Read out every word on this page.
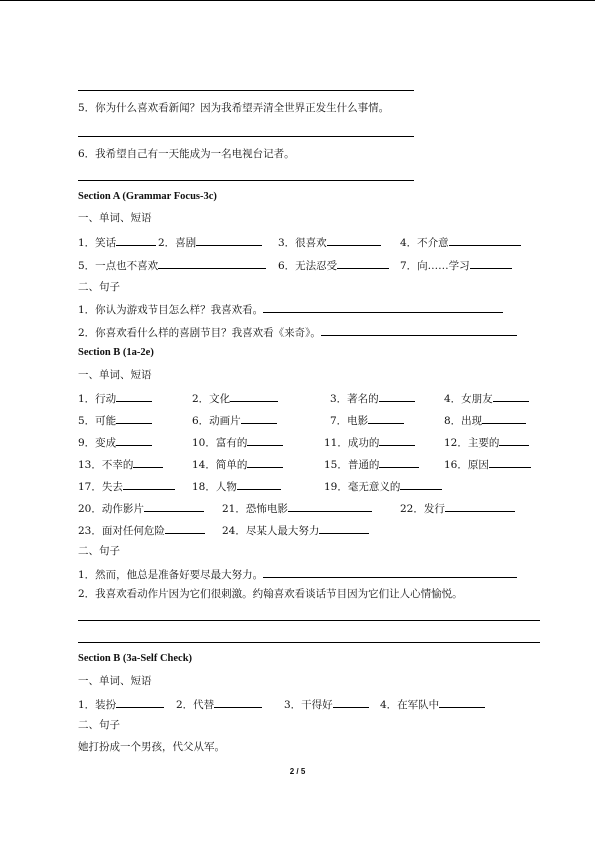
5．你为什么喜欢看新闻？因为我希望弄清全世界正发生什么事情。
6．我希望自己有一天能成为一名电视台记者。
Section A (Grammar Focus-3c)
一、单词、短语
1．笑话	2．喜剧	3．很喜欢	4．不介意
5．一点也不喜欢	6．无法忍受	7．向……学习
二、句子
1．你认为游戏节目怎么样？我喜欢看。
2．你喜欢看什么样的喜剧节目？我喜欢看《来奇》。
Section B (1a-2e)
一、单词、短语
1．行动	2．文化	3．著名的	4．女朋友
5．可能	6．动画片	7．电影	8．出现
9．变成	10．富有的	11．成功的	12．主要的
13．不幸的	14．简单的	15．普通的	16．原因
17．失去	18．人物	19．毫无意义的
20．动作影片	21．恐怖电影	22．发行
23．面对任何危险	24．尽某人最大努力
二、句子
1．然而，他总是准备好要尽最大努力。
2．我喜欢看动作片因为它们很刺激。约翰喜欢看谈话节目因为它们让人心情愉悦。
Section B (3a-Self Check)
一、单词、短语
1．装扮	2．代替	3．干得好	4．在军队中
二、句子
她打扮成一个男孩，代父从军。
2 / 5
